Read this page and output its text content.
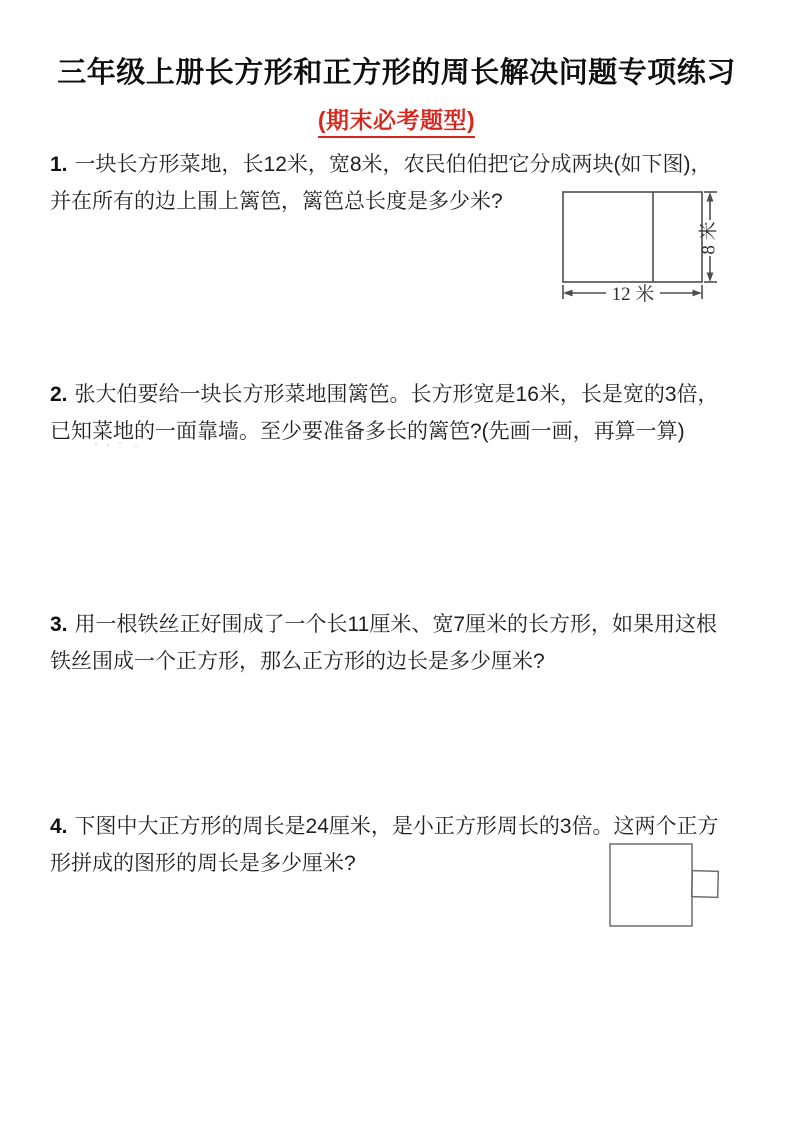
三年级上册长方形和正方形的周长解决问题专项练习
(期末必考题型)
1. 一块长方形菜地，长12米，宽8米，农民伯伯把它分成两块(如下图)，
并在所有的边上围上篱笆，篱笆总长度是多少米?
8 米
12 米
2. 张大伯要给一块长方形菜地围篱笆。长方形宽是16米，长是宽的3倍，
已知菜地的一面靠墙。至少要准备多长的篱笆?(先画一画，再算一算)
3. 用一根铁丝正好围成了一个长11厘米、宽7厘米的长方形，如果用这根
铁丝围成一个正方形，那么正方形的边长是多少厘米?
4. 下图中大正方形的周长是24厘米，是小正方形周长的3倍。这两个正方
形拼成的图形的周长是多少厘米?
